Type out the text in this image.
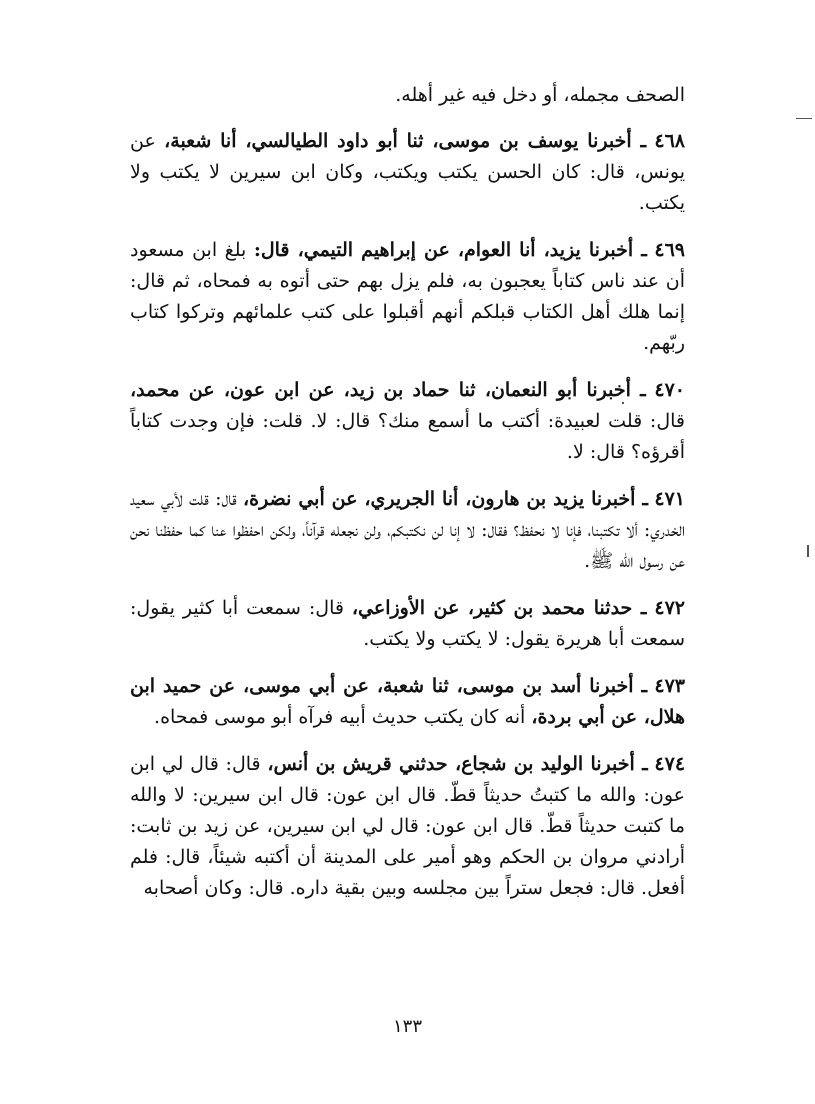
الصحف مجمله، أو دخل فيه غير أهله.

٤٦٨ ـ أخبرنا يوسف بن موسى، ثنا أبو داود الطيالسي، أنا شعبة، عن يونس، قال: كان الحسن يكتب ويكتب، وكان ابن سيرين لا يكتب ولا يكتب.

٤٦٩ ـ أخبرنا يزيد، أنا العوام، عن إبراهيم التيمي، قال: بلغ ابن مسعود أن عند ناس كتاباً يعجبون به، فلم يزل بهم حتى أتوه به فمحاه، ثم قال: إنما هلك أهل الكتاب قبلكم أنهم أقبلوا على كتب علمائهم وتركوا كتاب ربّهم.

٤٧٠ ـ أخبرنا أبو النعمان، ثنا حماد بن زيد، عن ابن عون، عن محمد، قال: قلت لعبيدة: أكتب ما أسمع منك؟ قال: لا. قلت: فإن وجدت كتاباً أقرؤه؟ قال: لا.

٤٧١ ـ أخبرنا يزيد بن هارون، أنا الجريري، عن أبي نضرة، قال: قلت لأبي سعيد الخدري: ألا تكتبنا، فإنا لا نحفظ؟ فقال: لا إنا لن نكتبكم، ولن نجعله قرآناً، ولكن احفظوا عنا كما حفظنا نحن عن رسول الله ﷺ.

٤٧٢ ـ حدثنا محمد بن كثير، عن الأوزاعي، قال: سمعت أبا كثير يقول: سمعت أبا هريرة يقول: لا يكتب ولا يكتب.

٤٧٣ ـ أخبرنا أسد بن موسى، ثنا شعبة، عن أبي موسى، عن حميد ابن هلال، عن أبي بردة، أنه كان يكتب حديث أبيه فرآه أبو موسى فمحاه.

٤٧٤ ـ أخبرنا الوليد بن شجاع، حدثني قريش بن أنس، قال: قال لي ابن عون: والله ما كتبتُ حديثاً قطّ. قال ابن عون: قال ابن سيرين: لا والله ما كتبت حديثاً قطّ. قال ابن عون: قال لي ابن سيرين، عن زيد بن ثابت: أرادني مروان بن الحكم وهو أمير على المدينة أن أكتبه شيئاً، قال: فلم أفعل. قال: فجعل ستراً بين مجلسه وبين بقية داره. قال: وكان أصحابه

١٣٣
